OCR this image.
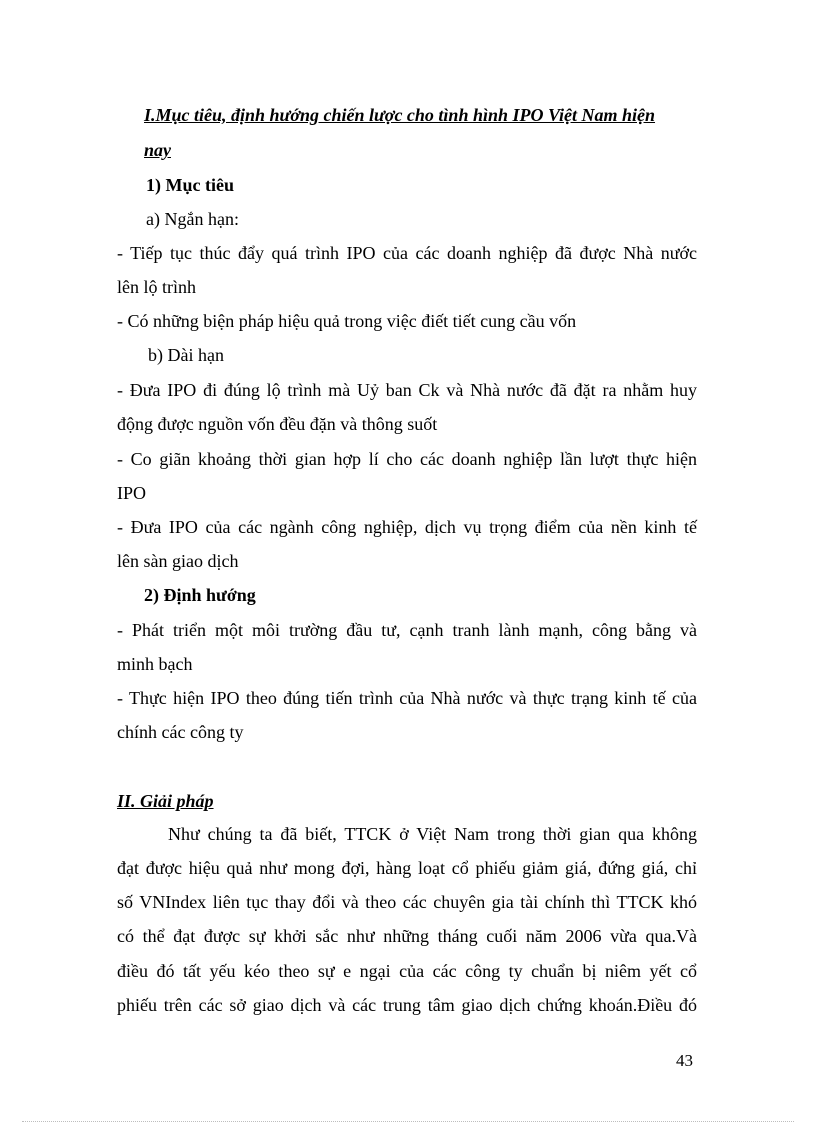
I.Mục tiêu, định hướng chiến lược cho tình hình IPO Việt Nam hiện
nay
1) Mục tiêu
a) Ngắn hạn:
- Tiếp tục thúc đẩy quá trình IPO của các doanh nghiệp đã được Nhà nước
lên lộ trình
- Có những biện pháp hiệu quả trong việc điết tiết cung cầu vốn
b) Dài hạn
- Đưa IPO đi đúng lộ trình mà Uỷ ban Ck và Nhà nước đã đặt ra nhằm huy
động được nguồn vốn đều đặn và thông suốt
- Co giãn khoảng thời gian hợp lí cho các doanh nghiệp lần lượt thực hiện
IPO
- Đưa IPO của các ngành công nghiệp, dịch vụ trọng điểm của nền kinh tế
lên sàn giao dịch
2) Định hướng
- Phát triển một môi trường đầu tư, cạnh tranh lành mạnh, công bằng và
minh bạch
- Thực hiện IPO theo đúng tiến trình của Nhà nước và thực trạng kinh tế của
chính các công ty
II. Giải pháp
Như chúng ta đã biết, TTCK ở Việt Nam trong thời gian qua không
đạt được hiệu quả như mong đợi, hàng loạt cổ phiếu giảm giá, đứng giá, chỉ
số VNIndex liên tục thay đổi và theo các chuyên gia tài chính thì TTCK khó
có thể đạt được sự khởi sắc như những tháng cuối năm 2006 vừa qua.Và
điều đó tất yếu kéo theo sự e ngại của các công ty chuẩn bị niêm yết cổ
phiếu trên các sở giao dịch và các trung tâm giao dịch chứng khoán.Điều đó
43
